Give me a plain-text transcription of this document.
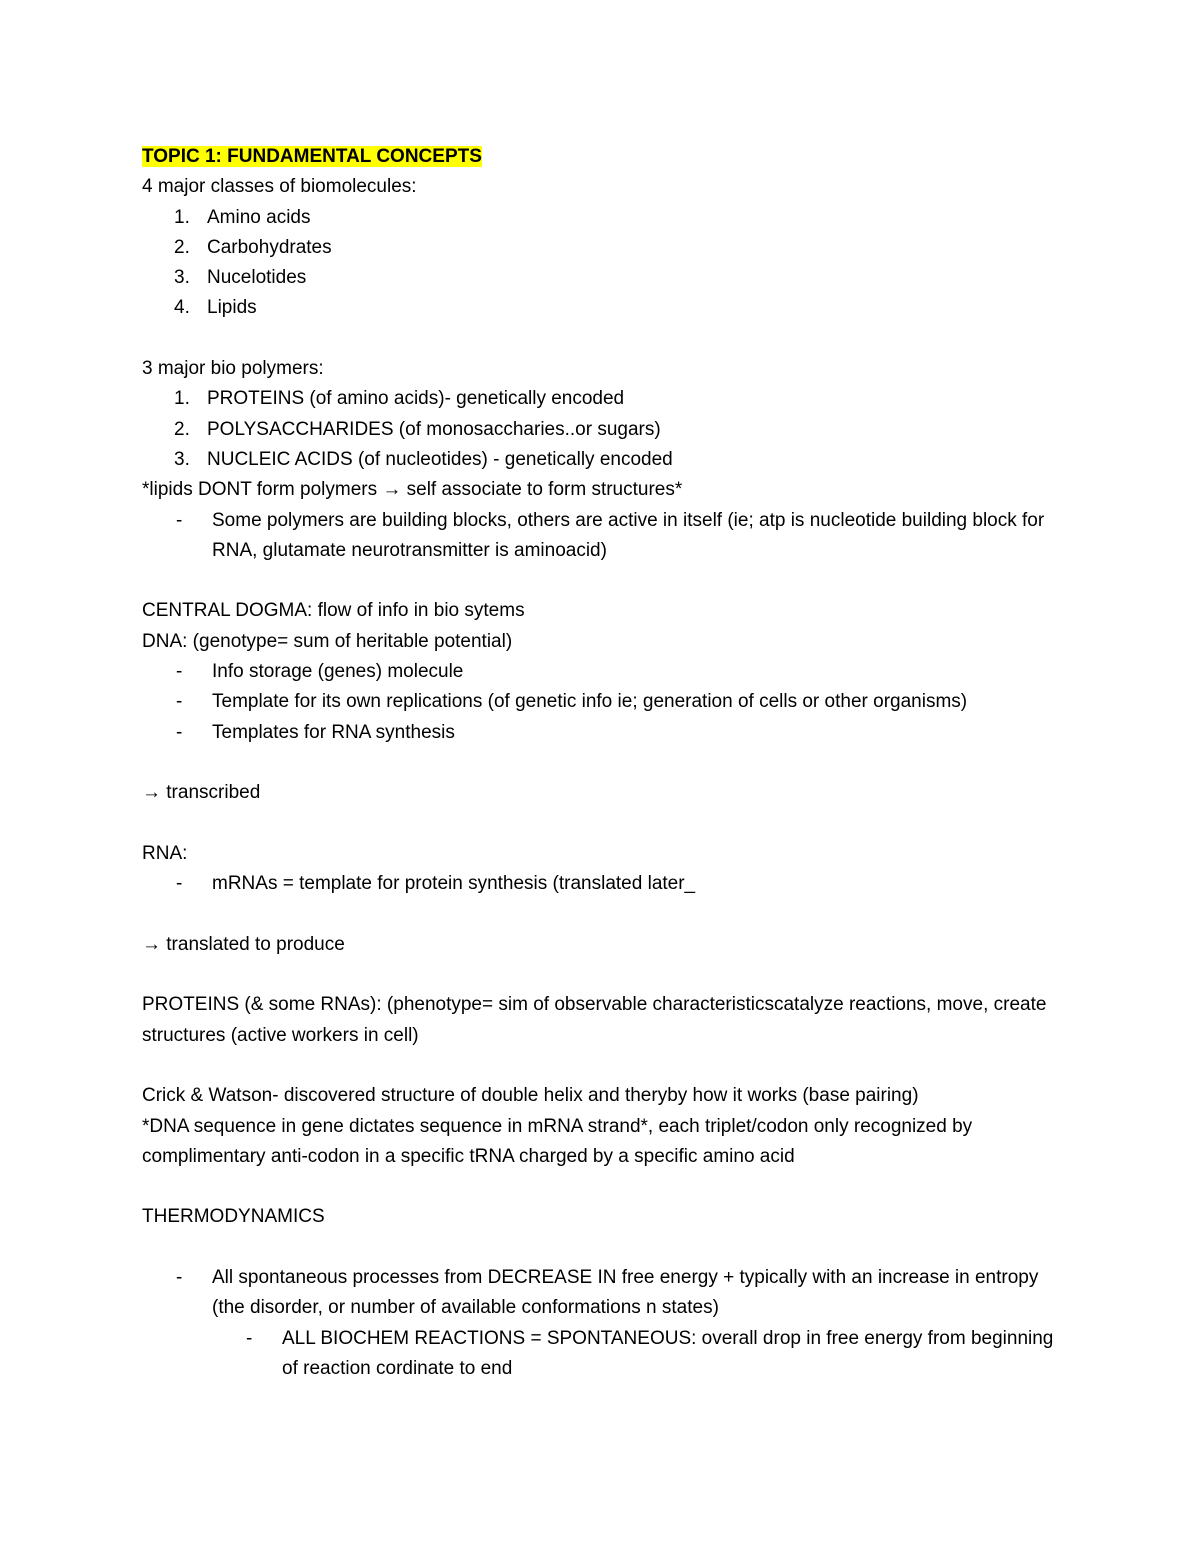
TOPIC 1: FUNDAMENTAL CONCEPTS
4 major classes of biomolecules:
1. Amino acids
2. Carbohydrates
3. Nucelotides
4. Lipids
3 major bio polymers:
1. PROTEINS (of amino acids)- genetically encoded
2. POLYSACCHARIDES (of monosaccharies..or sugars)
3. NUCLEIC ACIDS (of nucleotides) - genetically encoded
*lipids DONT form polymers → self associate to form structures*
-	Some polymers are building blocks, others are active in itself (ie; atp is nucleotide building block for RNA, glutamate neurotransmitter is aminoacid)
CENTRAL DOGMA: flow of info in bio sytems
DNA: (genotype= sum of heritable potential)
-	Info storage (genes) molecule
-	Template for its own replications (of genetic info ie; generation of cells or other organisms)
-	Templates for RNA synthesis
→ transcribed
RNA:
-	mRNAs = template for protein synthesis (translated later_
→ translated to produce
PROTEINS (& some RNAs): (phenotype= sim of observable characteristicscatalyze reactions, move, create structures (active workers in cell)
Crick & Watson- discovered structure of double helix and theryby how it works (base pairing)
*DNA sequence in gene dictates sequence in mRNA strand*, each triplet/codon only recognized by complimentary anti-codon in a specific tRNA charged by a specific amino acid
THERMODYNAMICS
-	All spontaneous processes from DECREASE IN free energy + typically with an increase in entropy (the disorder, or number of available conformations n states)
-	ALL BIOCHEM REACTIONS = SPONTANEOUS: overall drop in free energy from beginning of reaction cordinate to end
